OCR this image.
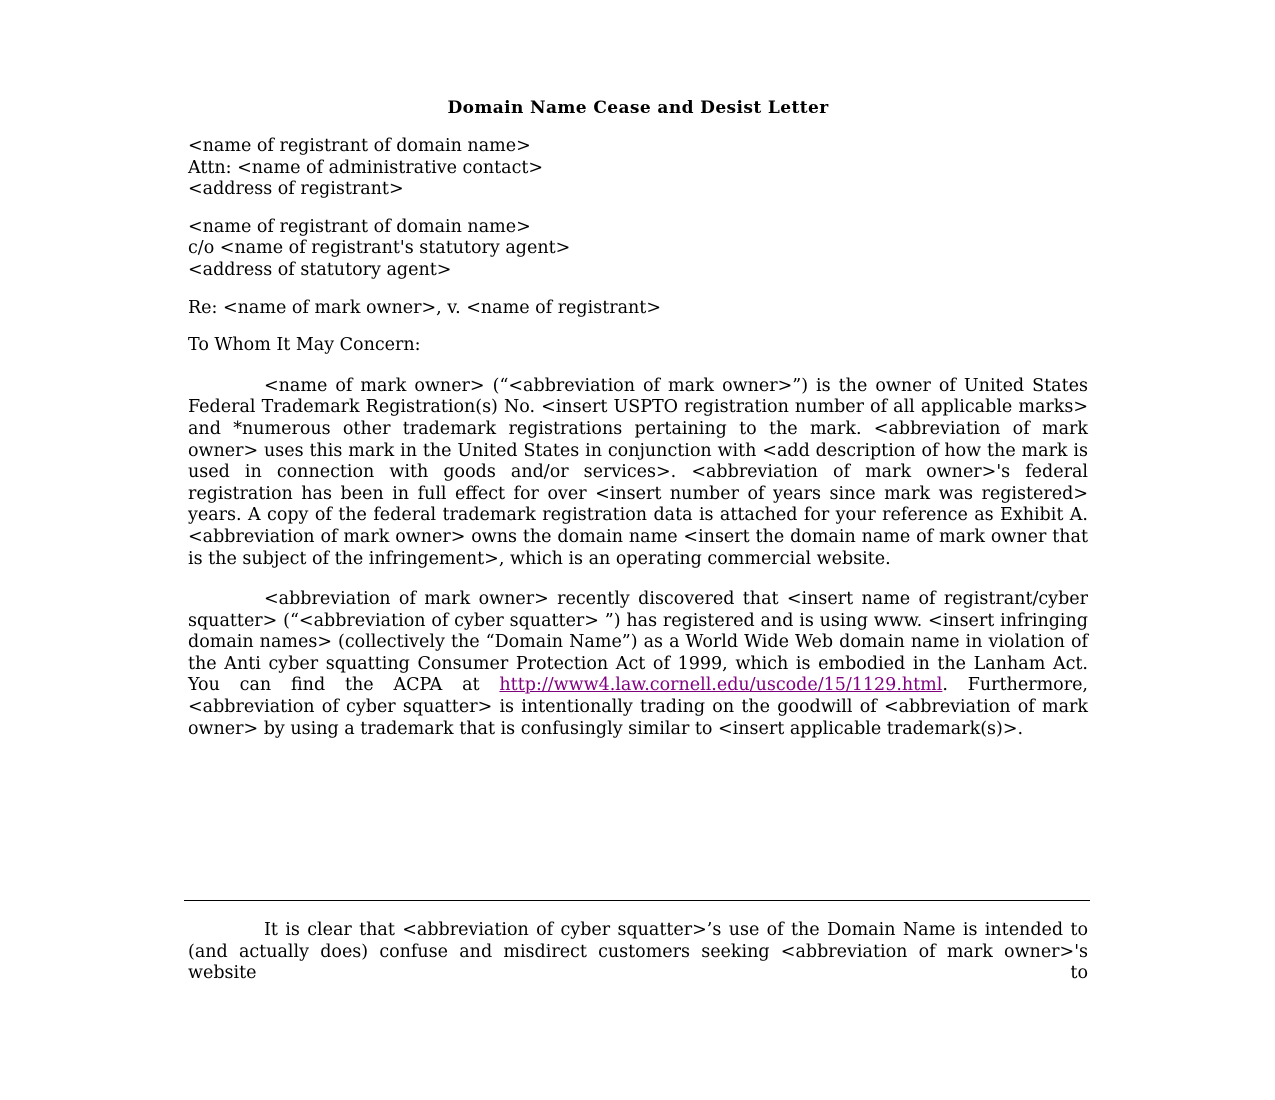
Domain Name Cease and Desist Letter
<name of registrant of domain name>
Attn: <name of administrative contact>
<address of registrant>
<name of registrant of domain name>
c/o <name of registrant's statutory agent>
<address of statutory agent>
Re: <name of mark owner>, v. <name of registrant>
To Whom It May Concern:
<name of mark owner> (“<abbreviation of mark owner>”) is the owner of United States Federal Trademark Registration(s) No. <insert USPTO registration number of all applicable marks> and *numerous other trademark registrations pertaining to the mark. <abbreviation of mark owner> uses this mark in the United States in conjunction with <add description of how the mark is used in connection with goods and/or services>. <abbreviation of mark owner>'s federal registration has been in full effect for over <insert number of years since mark was registered> years. A copy of the federal trademark registration data is attached for your reference as Exhibit A. <abbreviation of mark owner> owns the domain name <insert the domain name of mark owner that is the subject of the infringement>, which is an operating commercial website.
<abbreviation of mark owner> recently discovered that <insert name of registrant/cyber squatter> (“<abbreviation of cyber squatter> ”) has registered and is using www. <insert infringing domain names> (collectively the “Domain Name”) as a World Wide Web domain name in violation of the Anti cyber squatting Consumer Protection Act of 1999, which is embodied in the Lanham Act. You can find the ACPA at http://www4.law.cornell.edu/uscode/15/1129.html. Furthermore, <abbreviation of cyber squatter> is intentionally trading on the goodwill of <abbreviation of mark owner> by using a trademark that is confusingly similar to <insert applicable trademark(s)>.
It is clear that <abbreviation of cyber squatter>’s use of the Domain Name is intended to (and actually does) confuse and misdirect customers seeking <abbreviation of mark owner>'s website to
